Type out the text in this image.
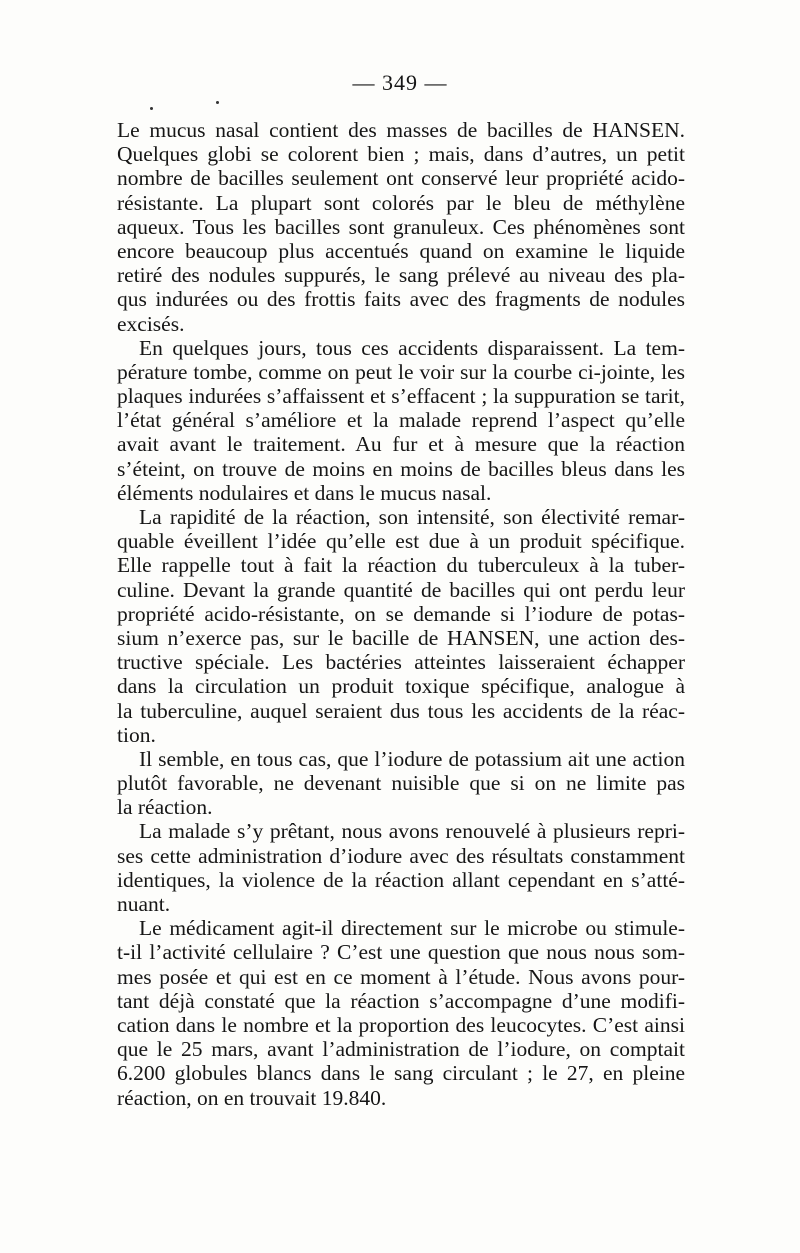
— 349 —
Le mucus nasal contient des masses de bacilles de HANSEN.
Quelques globi se colorent bien ; mais, dans d’autres, un petit
nombre de bacilles seulement ont conservé leur propriété acido-
résistante. La plupart sont colorés par le bleu de méthylène
aqueux. Tous les bacilles sont granuleux. Ces phénomènes sont
encore beaucoup plus accentués quand on examine le liquide
retiré des nodules suppurés, le sang prélevé au niveau des pla-
qus indurées ou des frottis faits avec des fragments de nodules
excisés.
En quelques jours, tous ces accidents disparaissent. La tem-
pérature tombe, comme on peut le voir sur la courbe ci-jointe, les
plaques indurées s’affaissent et s’effacent ; la suppuration se tarit,
l’état général s’améliore et la malade reprend l’aspect qu’elle
avait avant le traitement. Au fur et à mesure que la réaction
s’éteint, on trouve de moins en moins de bacilles bleus dans les
éléments nodulaires et dans le mucus nasal.
La rapidité de la réaction, son intensité, son électivité remar-
quable éveillent l’idée qu’elle est due à un produit spécifique.
Elle rappelle tout à fait la réaction du tuberculeux à la tuber-
culine. Devant la grande quantité de bacilles qui ont perdu leur
propriété acido-résistante, on se demande si l’iodure de potas-
sium n’exerce pas, sur le bacille de HANSEN, une action des-
tructive spéciale. Les bactéries atteintes laisseraient échapper
dans la circulation un produit toxique spécifique, analogue à
la tuberculine, auquel seraient dus tous les accidents de la réac-
tion.
Il semble, en tous cas, que l’iodure de potassium ait une action
plutôt favorable, ne devenant nuisible que si on ne limite pas
la réaction.
La malade s’y prêtant, nous avons renouvelé à plusieurs repri-
ses cette administration d’iodure avec des résultats constamment
identiques, la violence de la réaction allant cependant en s’atté-
nuant.
Le médicament agit-il directement sur le microbe ou stimule-
t-il l’activité cellulaire ? C’est une question que nous nous som-
mes posée et qui est en ce moment à l’étude. Nous avons pour-
tant déjà constaté que la réaction s’accompagne d’une modifi-
cation dans le nombre et la proportion des leucocytes. C’est ainsi
que le 25 mars, avant l’administration de l’iodure, on comptait
6.200 globules blancs dans le sang circulant ; le 27, en pleine
réaction, on en trouvait 19.840.
